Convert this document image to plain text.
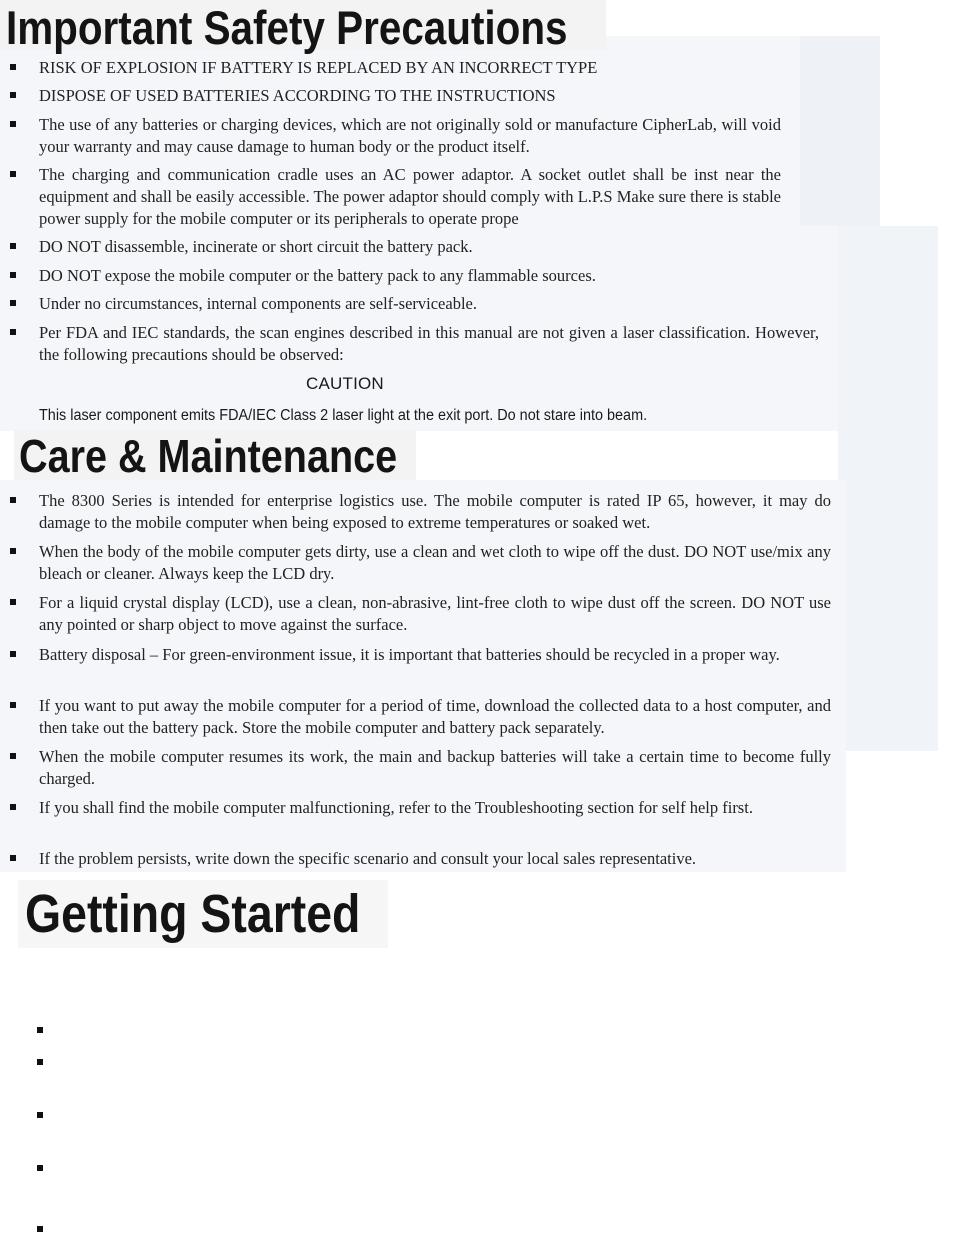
Important Safety Precautions
RISK OF EXPLOSION IF BATTERY IS REPLACED BY AN INCORRECT TYPE
DISPOSE OF USED BATTERIES ACCORDING TO THE INSTRUCTIONS
The use of any batteries or charging devices, which are not originally sold or manufacture CipherLab, will void your warranty and may cause damage to human body or the product itself.
The charging and communication cradle uses an AC power adaptor. A socket outlet shall be inst near the equipment and shall be easily accessible. The power adaptor should comply with L.P.S Make sure there is stable power supply for the mobile computer or its peripherals to operate prope
DO NOT disassemble, incinerate or short circuit the battery pack.
DO NOT expose the mobile computer or the battery pack to any flammable sources.
Under no circumstances, internal components are self-serviceable.
Per FDA and IEC standards, the scan engines described in this manual are not given a laser classification. However, the following precautions should be observed:
CAUTION
This laser component emits FDA/IEC Class 2 laser light at the exit port. Do not stare into beam.
Care & Maintenance
The 8300 Series is intended for enterprise logistics use. The mobile computer is rated IP 65, however, it may do damage to the mobile computer when being exposed to extreme temperatures or soaked wet.
When the body of the mobile computer gets dirty, use a clean and wet cloth to wipe off the dust. DO NOT use/mix any bleach or cleaner. Always keep the LCD dry.
For a liquid crystal display (LCD), use a clean, non-abrasive, lint-free cloth to wipe dust off the screen. DO NOT use any pointed or sharp object to move against the surface.
Battery disposal – For green-environment issue, it is important that batteries should be recycled in a proper way.
If you want to put away the mobile computer for a period of time, download the collected data to a host computer, and then take out the battery pack. Store the mobile computer and battery pack separately.
When the mobile computer resumes its work, the main and backup batteries will take a certain time to become fully charged.
If you shall find the mobile computer malfunctioning, refer to the Troubleshooting section for self help first.
If the problem persists, write down the specific scenario and consult your local sales representative.
Getting Started
